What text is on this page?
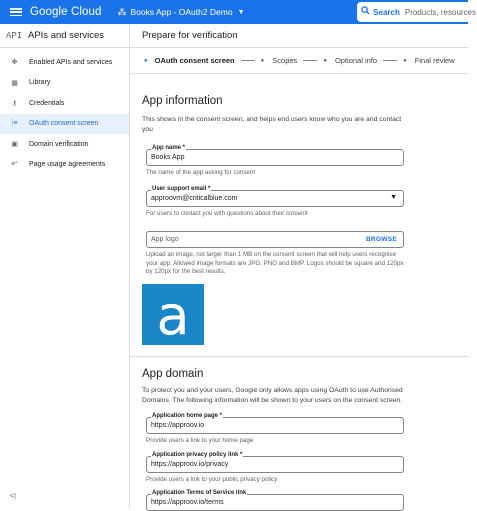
Google Cloud ⁂ Books App - OAuth2 Demo ▼	Search Products, resources
API APIs and services
✥	Enabled APIs and services
▦	Library
⚷	Credentials
⁞≡	OAuth consent screen
▣	Domain verification
≡°	Page usage agreements
<|
Prepare for verification
● OAuth consent screen	● Scopes	● Optional info	● Final review
App information
This shows in the consent screen, and helps end users know who you are and contact you
App name *
Books App
The name of the app asking for consent
User support email *
approovm@criticalblue.com	▼
For users to contact you with questions about their consent
App logo	BROWSE
Upload an image, not larger than 1 MB on the consent screen that will help users recognise your app. Allowed image formats are JPG, PNG and BMP. Logos should be square and 120px by 120px for the best results.
a
App domain
To protect you and your users, Google only allows apps using OAuth to use Authorised Domains. The following information will be shown to your users on the consent screen.
Application home page *
https://approov.io
Provide users a link to your home page
Application privacy policy link *
https://approov.io/privacy
Provide users a link to your public privacy policy
Application Terms of Service link
https://approov.io/terms
